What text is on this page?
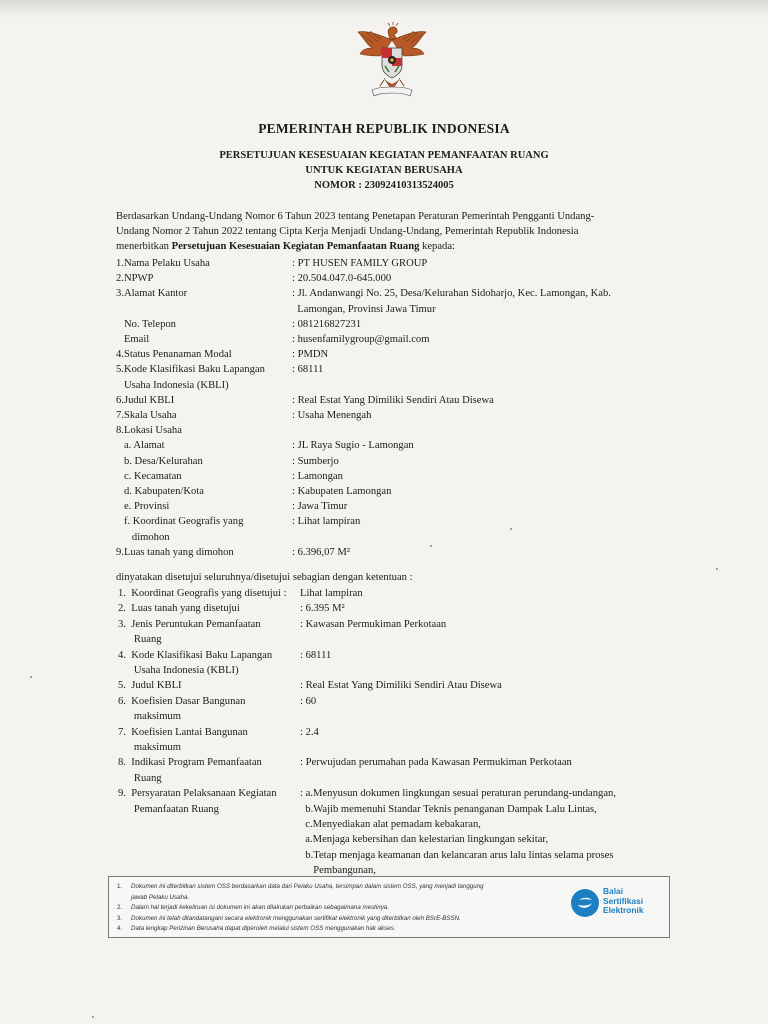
PEMERINTAH REPUBLIK INDONESIA
PERSETUJUAN KESESUAIAN KEGIATAN PEMANFAATAN RUANG
UNTUK KEGIATAN BERUSAHA
NOMOR : 23092410313524005
Berdasarkan Undang-Undang Nomor 6 Tahun 2023 tentang Penetapan Peraturan Pemerintah Pengganti Undang-
Undang Nomor 2 Tahun 2022 tentang Cipta Kerja Menjadi Undang-Undang, Pemerintah Republik Indonesia
menerbitkan Persetujuan Kesesuaian Kegiatan Pemanfaatan Ruang kepada:
1.Nama Pelaku Usaha	: PT HUSEN FAMILY GROUP
2.NPWP	: 20.504.047.0-645.000
3.Alamat Kantor	: Jl. Andanwangi No. 25, Desa/Kelurahan Sidoharjo, Kec. Lamongan, Kab.
Lamongan, Provinsi Jawa Timur
No. Telepon	: 081216827231
Email	: husenfamilygroup@gmail.com
4.Status Penanaman Modal	: PMDN
5.Kode Klasifikasi Baku Lapangan	: 68111
Usaha Indonesia (KBLI)
6.Judul KBLI	: Real Estat Yang Dimiliki Sendiri Atau Disewa
7.Skala Usaha	: Usaha Menengah
8.Lokasi Usaha
a. Alamat	: JL Raya Sugio - Lamongan
b. Desa/Kelurahan	: Sumberjo
c. Kecamatan	: Lamongan
d. Kabupaten/Kota	: Kabupaten Lamongan
e. Provinsi	: Jawa Timur
f. Koordinat Geografis yang	: Lihat lampiran
dimohon
9.Luas tanah yang dimohon	: 6.396,07 M²
dinyatakan disetujui seluruhnya/disetujui sebagian dengan ketentuan :
1.  Koordinat Geografis yang disetujui : Lihat lampiran
2.  Luas tanah yang disetujui	: 6.395 M²
3.  Jenis Peruntukan Pemanfaatan	: Kawasan Permukiman Perkotaan
Ruang
4.  Kode Klasifikasi Baku Lapangan	: 68111
Usaha Indonesia (KBLI)
5.  Judul KBLI	: Real Estat Yang Dimiliki Sendiri Atau Disewa
6.  Koefisien Dasar Bangunan	: 60
maksimum
7.  Koefisien Lantai Bangunan	: 2.4
maksimum
8.  Indikasi Program Pemanfaatan	: Perwujudan perumahan pada Kawasan Permukiman Perkotaan
Ruang
9.  Persyaratan Pelaksanaan Kegiatan : a.Menyusun dokumen lingkungan sesuai peraturan perundang-undangan,
Pemanfaatan Ruang	b.Wajib memenuhi Standar Teknis penanganan Dampak Lalu Lintas,
c.Menyediakan alat pemadam kebakaran,
a.Menjaga kebersihan dan kelestarian lingkungan sekitar,
b.Tetap menjaga keamanan dan kelancaran arus lalu lintas selama proses
Pembangunan,
1. Dokumen ini diterbitkan sistem OSS berdasarkan data dari Pelaku Usaha, tersimpan dalam sistem OSS, yang menjadi tanggung
jawab Pelaku Usaha.
2. Dalam hal terjadi kekeliruan isi dokumen ini akan dilakukan perbaikan sebagaimana mestinya.
3. Dokumen ini telah ditandatangani secara elektronik menggunakan sertifikat elektronik yang diterbitkan oleh BSrE-BSSN.
4. Data lengkap Perizinan Berusaha dapat diperoleh melalui sistem OSS menggunakan hak akses.
Balai
Sertifikasi
Elektronik
